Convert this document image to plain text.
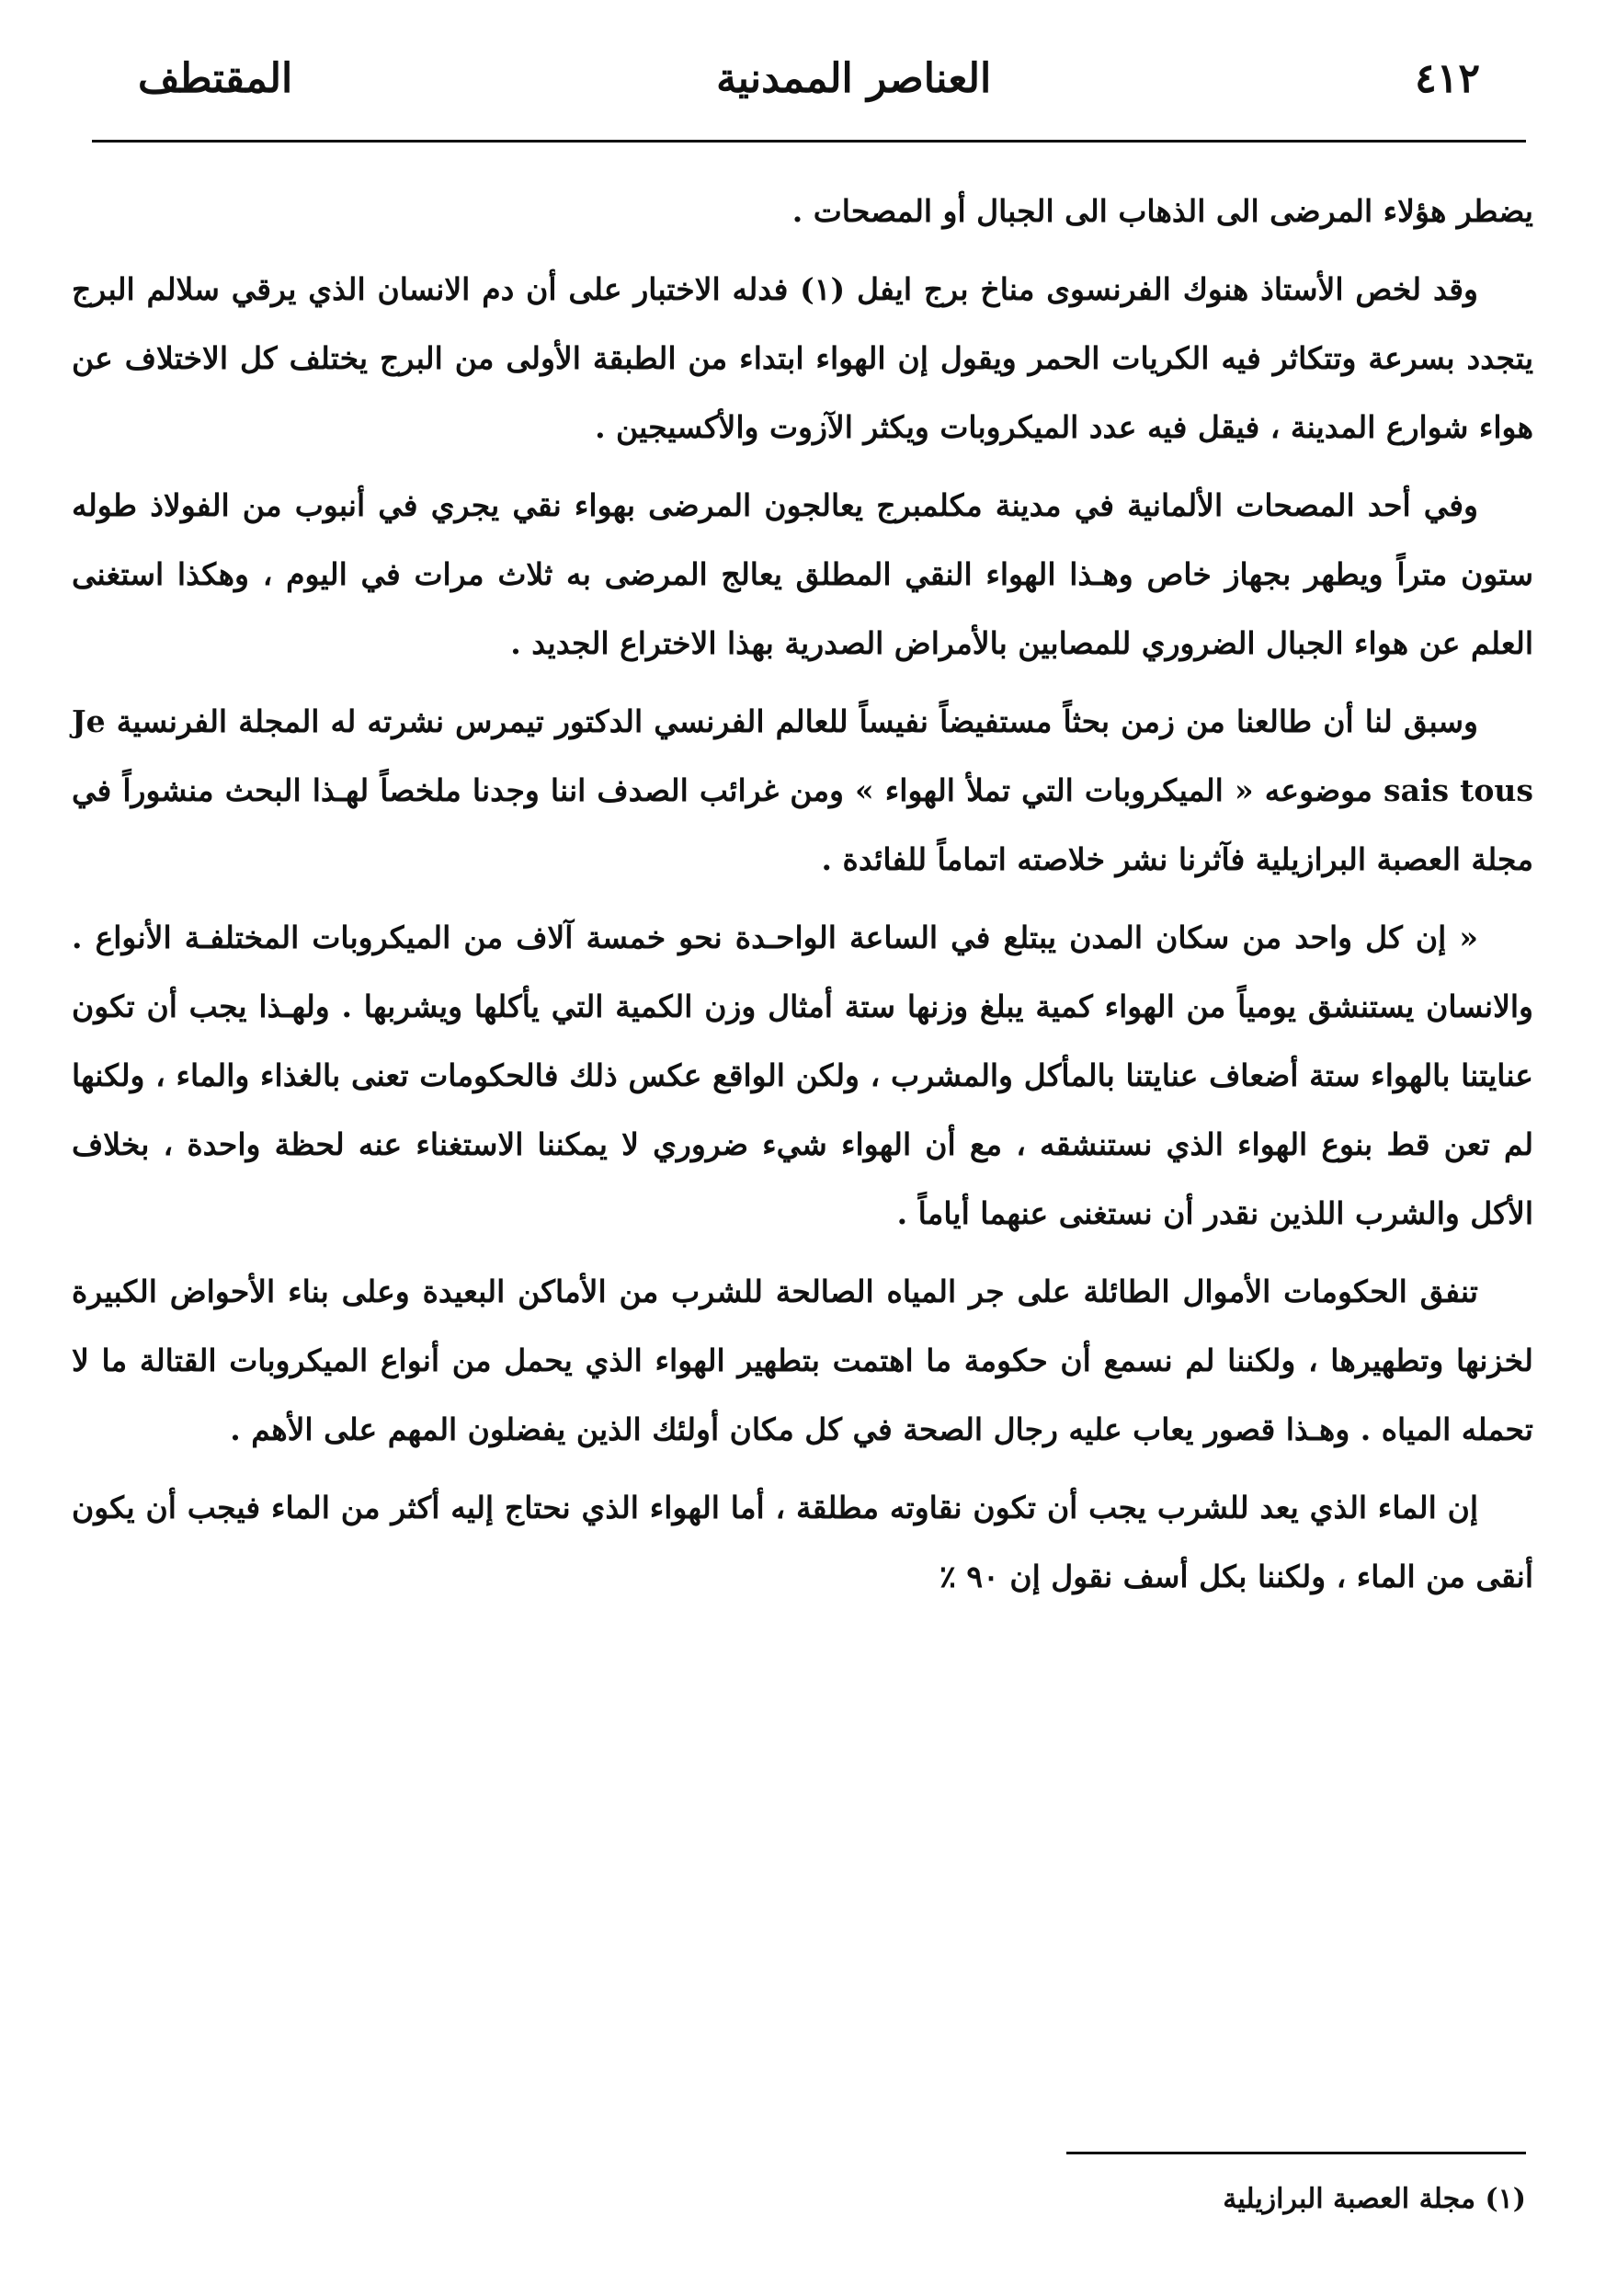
٤١٢
العناصر الممدنية
المقتطف

يضطر هؤلاء المرضى الى الذهاب الى الجبال أو المصحات .

وقد لخص الأستاذ هنوك الفرنسوى مناخ برج ايفل (١) فدله الاختبار على أن دم الانسان الذي يرقي سلالم البرج يتجدد بسرعة وتتكاثر فيه الكريات الحمر ويقول إن الهواء ابتداء من الطبقة الأولى من البرج يختلف كل الاختلاف عن هواء شوارع المدينة ، فيقل فيه عدد الميكروبات ويكثر الآزوت والأكسيجين .

وفي أحد المصحات الألمانية في مدينة مكلمبرج يعالجون المرضى بهواء نقي يجري في أنبوب من الفولاذ طوله ستون متراً ويطهر بجهاز خاص وهـذا الهواء النقي المطلق يعالج المرضى به ثلاث مرات في اليوم ، وهكذا استغنى العلم عن هواء الجبال الضروري للمصابين بالأمراض الصدرية بهذا الاختراع الجديد .

وسبق لنا أن طالعنا من زمن بحثاً مستفيضاً نفيساً للعالم الفرنسي الدكتور تيمرس نشرته له المجلة الفرنسية Je sais tous موضوعه « الميكروبات التي تملأ الهواء » ومن غرائب الصدف اننا وجدنا ملخصاً لهـذا البحث منشوراً في مجلة العصبة البرازيلية فآثرنا نشر خلاصته اتماماً للفائدة .

« إن كل واحد من سكان المدن يبتلع في الساعة الواحـدة نحو خمسة آلاف من الميكروبات المختلفـة الأنواع . والانسان يستنشق يومياً من الهواء كمية يبلغ وزنها ستة أمثال وزن الكمية التي يأكلها ويشربها . ولهـذا يجب أن تكون عنايتنا بالهواء ستة أضعاف عنايتنا بالمأكل والمشرب ، ولكن الواقع عكس ذلك فالحكومات تعنى بالغذاء والماء ، ولكنها لم تعن قط بنوع الهواء الذي نستنشقه ، مع أن الهواء شيء ضروري لا يمكننا الاستغناء عنه لحظة واحدة ، بخلاف الأكل والشرب اللذين نقدر أن نستغنى عنهما أياماً .

تنفق الحكومات الأموال الطائلة على جر المياه الصالحة للشرب من الأماكن البعيدة وعلى بناء الأحواض الكبيرة لخزنها وتطهيرها ، ولكننا لم نسمع أن حكومة ما اهتمت بتطهير الهواء الذي يحمل من أنواع الميكروبات القتالة ما لا تحمله المياه . وهـذا قصور يعاب عليه رجال الصحة في كل مكان أولئك الذين يفضلون المهم على الأهم .

إن الماء الذي يعد للشرب يجب أن تكون نقاوته مطلقة ، أما الهواء الذي نحتاج إليه أكثر من الماء فيجب أن يكون أنقى من الماء ، ولكننا بكل أسف نقول إن ٩٠ ٪

(١) مجلة العصبة البرازيلية
